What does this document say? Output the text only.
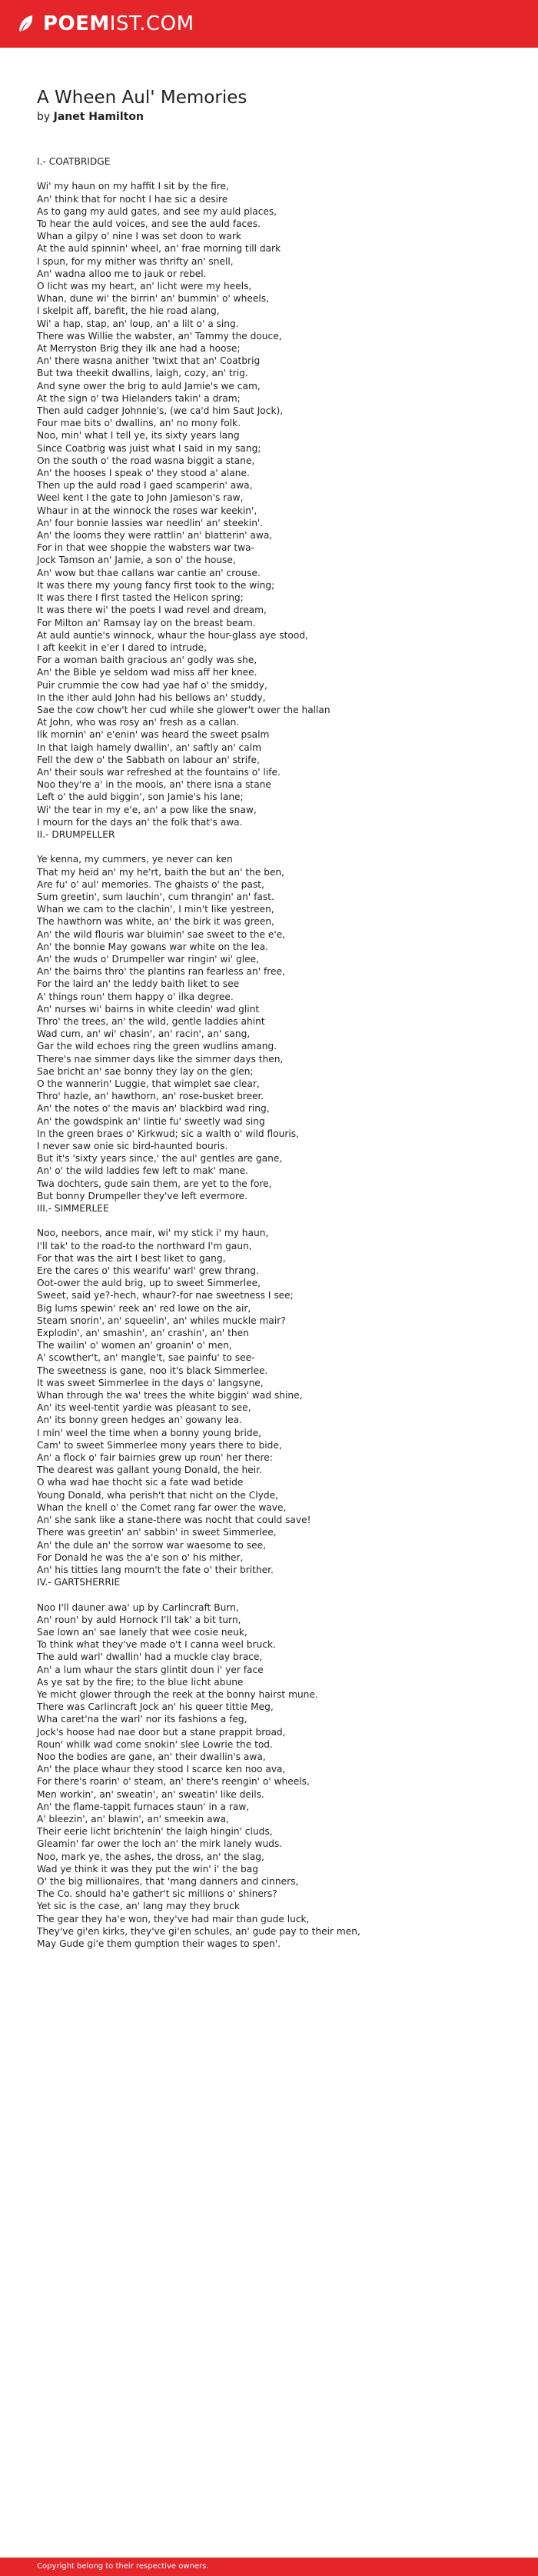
POEM IST.COM
A Wheen Aul' Memories
by Janet Hamilton
I.- COATBRIDGE
Wi' my haun on my haffit I sit by the fire,
An' think that for nocht I hae sic a desire
As to gang my auld gates, and see my auld places,
To hear the auld voices, and see the auld faces.
Whan a gilpy o' nine I was set doon to wark
At the auld spinnin' wheel, an' frae morning till dark
I spun, for my mither was thrifty an' snell,
An' wadna alloo me to jauk or rebel.
O licht was my heart, an' licht were my heels,
Whan, dune wi' the birrin' an' bummin' o' wheels,
I skelpit aff, barefit, the hie road alang,
Wi' a hap, stap, an' loup, an' a lilt o' a sing.
There was Willie the wabster, an' Tammy the douce,
At Merryston Brig they ilk ane had a hoose;
An' there wasna anither 'twixt that an' Coatbrig
But twa theekit dwallins, laigh, cozy, an' trig.
And syne ower the brig to auld Jamie's we cam,
At the sign o' twa Hielanders takin' a dram;
Then auld cadger Johnnie's, (we ca'd him Saut Jock),
Four mae bits o' dwallins, an' no mony folk.
Noo, min' what I tell ye, its sixty years lang
Since Coatbrig was juist what I said in my sang;
On the south o' the road wasna biggit a stane,
An' the hooses I speak o' they stood a' alane.
Then up the auld road I gaed scamperin' awa,
Weel kent I the gate to John Jamieson's raw,
Whaur in at the winnock the roses war keekin',
An' four bonnie lassies war needlin' an' steekin'.
An' the looms they were rattlin' an' blatterin' awa,
For in that wee shoppie the wabsters war twa-
Jock Tamson an' Jamie, a son o' the house,
An' wow but thae callans war cantie an' crouse.
It was there my young fancy first took to the wing;
It was there I first tasted the Helicon spring;
It was there wi' the poets I wad revel and dream,
For Milton an' Ramsay lay on the breast beam.
At auld auntie's winnock, whaur the hour-glass aye stood,
I aft keekit in e'er I dared to intrude,
For a woman baith gracious an' godly was she,
An' the Bible ye seldom wad miss aff her knee.
Puir crummie the cow had yae haf o' the smiddy,
In the ither auld John had his bellows an' studdy,
Sae the cow chow't her cud while she glower't ower the hallan
At John, who was rosy an' fresh as a callan.
Ilk mornin' an' e'enin' was heard the sweet psalm
In that laigh hamely dwallin', an' saftly an' calm
Fell the dew o' the Sabbath on labour an' strife,
An' their souls war refreshed at the fountains o' life.
Noo they're a' in the mools, an' there isna a stane
Left o' the auld biggin', son Jamie's his lane;
Wi' the tear in my e'e, an' a pow like the snaw,
I mourn for the days an' the folk that's awa.
II.- DRUMPELLER
Ye kenna, my cummers, ye never can ken
That my heid an' my he'rt, baith the but an' the ben,
Are fu' o' aul' memories. The ghaists o' the past,
Sum greetin', sum lauchin', cum thrangin' an' fast.
Whan we cam to the clachin', I min't like yestreen,
The hawthorn was white, an' the birk it was green,
An' the wild flouris war bluimin' sae sweet to the e'e,
An' the bonnie May gowans war white on the lea.
An' the wuds o' Drumpeller war ringin' wi' glee,
An' the bairns thro' the plantins ran fearless an' free,
For the laird an' the leddy baith liket to see
A' things roun' them happy o' ilka degree.
An' nurses wi' bairns in white cleedin' wad glint
Thro' the trees, an' the wild, gentle laddies ahint
Wad cum, an' wi' chasin', an' racin', an' sang,
Gar the wild echoes ring the green wudlins amang.
There's nae simmer days like the simmer days then,
Sae bricht an' sae bonny they lay on the glen;
O the wannerin' Luggie, that wimplet sae clear,
Thro' hazle, an' hawthorn, an' rose-busket breer.
An' the notes o' the mavis an' blackbird wad ring,
An' the gowdspink an' lintie fu' sweetly wad sing
In the green braes o' Kirkwud; sic a walth o' wild flouris,
I never saw onie sic bird-haunted bouris.
But it's 'sixty years since,' the aul' gentles are gane,
An' o' the wild laddies few left to mak' mane.
Twa dochters, gude sain them, are yet to the fore,
But bonny Drumpeller they've left evermore.
III.- SIMMERLEE
Noo, neebors, ance mair, wi' my stick i' my haun,
I'll tak' to the road-to the northward I'm gaun,
For that was the airt I best liket to gang,
Ere the cares o' this wearifu' warl' grew thrang.
Oot-ower the auld brig, up to sweet Simmerlee,
Sweet, said ye?-hech, whaur?-for nae sweetness I see;
Big lums spewin' reek an' red lowe on the air,
Steam snorin', an' squeelin', an' whiles muckle mair?
Explodin', an' smashin', an' crashin', an' then
The wailin' o' women an' groanin' o' men,
A' scowther't, an' mangle't, sae painfu' to see-
The sweetness is gane, noo it's black Simmerlee.
It was sweet Simmerlee in the days o' langsyne,
Whan through the wa' trees the white biggin' wad shine,
An' its weel-tentit yardie was pleasant to see,
An' its bonny green hedges an' gowany lea.
I min' weel the time when a bonny young bride,
Cam' to sweet Simmerlee mony years there to bide,
An' a flock o' fair bairnies grew up roun' her there:
The dearest was gallant young Donald, the heir.
O wha wad hae thocht sic a fate wad betide
Young Donald, wha perish't that nicht on the Clyde,
Whan the knell o' the Comet rang far ower the wave,
An' she sank like a stane-there was nocht that could save!
There was greetin' an' sabbin' in sweet Simmerlee,
An' the dule an' the sorrow war waesome to see,
For Donald he was the a'e son o' his mither,
An' his titties lang mourn't the fate o' their brither.
IV.- GARTSHERRIE
Noo I'll dauner awa' up by Carlincraft Burn,
An' roun' by auld Hornock I'll tak' a bit turn,
Sae lown an' sae lanely that wee cosie neuk,
To think what they've made o't I canna weel bruck.
The auld warl' dwallin' had a muckle clay brace,
An' a lum whaur the stars glintit doun i' yer face
As ye sat by the fire; to the blue licht abune
Ye micht glower through the reek at the bonny hairst mune.
There was Carlincraft Jock an' his queer tittie Meg,
Wha caret'na the warl' nor its fashions a feg,
Jock's hoose had nae door but a stane prappit broad,
Roun' whilk wad come snokin' slee Lowrie the tod.
Noo the bodies are gane, an' their dwallin's awa,
An' the place whaur they stood I scarce ken noo ava,
For there's roarin' o' steam, an' there's reengin' o' wheels,
Men workin', an' sweatin', an' sweatin' like deils.
An' the flame-tappit furnaces staun' in a raw,
A' bleezin', an' blawin', an' smeekin awa,
Their eerie licht brichtenin' the laigh hingin' cluds,
Gleamin' far ower the loch an' the mirk lanely wuds.
Noo, mark ye, the ashes, the dross, an' the slag,
Wad ye think it was they put the win' i' the bag
O' the big millionaires, that 'mang danners and cinners,
The Co. should ha'e gather't sic millions o' shiners?
Yet sic is the case, an' lang may they bruck
The gear they ha'e won, they've had mair than gude luck,
They've gi'en kirks, they've gi'en schules, an' gude pay to their men,
May Gude gi'e them gumption their wages to spen'.
Copyright belong to their respective owners.
